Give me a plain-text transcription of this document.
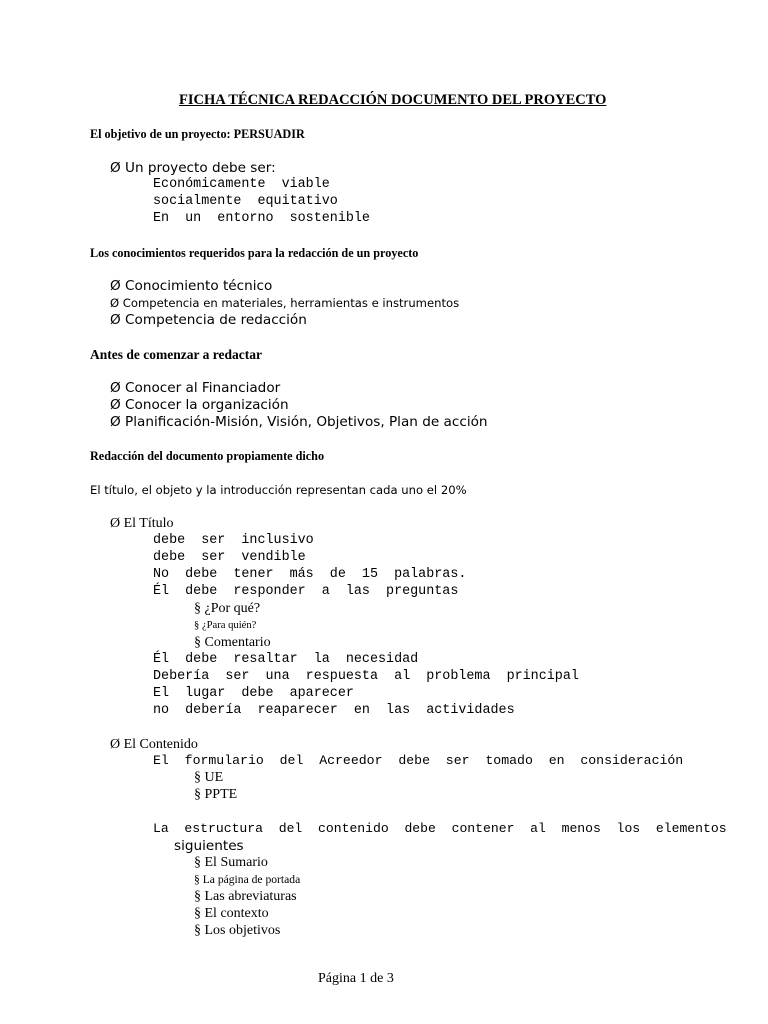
FICHA TÉCNICA REDACCIÓN DOCUMENTO DEL PROYECTO
El objetivo de un proyecto: PERSUADIR
Ø Un proyecto debe ser:
Económicamente  viable
socialmente  equitativo
En  un  entorno  sostenible
Los conocimientos requeridos para la redacción de un proyecto
Ø Conocimiento técnico
Ø Competencia en materiales, herramientas e instrumentos
Ø Competencia de redacción
Antes de comenzar a redactar
Ø Conocer al Financiador
Ø Conocer la organización
Ø Planificación-Misión, Visión, Objetivos, Plan de acción
Redacción del documento propiamente dicho
El título, el objeto y la introducción representan cada uno el 20%
Ø El Título
debe  ser  inclusivo
debe  ser  vendible
No  debe  tener  más  de  15  palabras.
Él  debe  responder  a  las  preguntas
§ ¿Por qué?
§ ¿Para quién?
§ Comentario
Él  debe  resaltar  la  necesidad
Debería  ser  una  respuesta  al  problema  principal
El  lugar  debe  aparecer
no  debería  reaparecer  en  las  actividades
Ø El Contenido
El  formulario  del  Acreedor  debe  ser  tomado  en  consideración
§ UE
§ PPTE
La  estructura  del  contenido  debe  contener  al  menos  los  elementos
siguientes
§ El Sumario
§ La página de portada
§ Las abreviaturas
§ El contexto
§ Los objetivos
Página 1 de 3
